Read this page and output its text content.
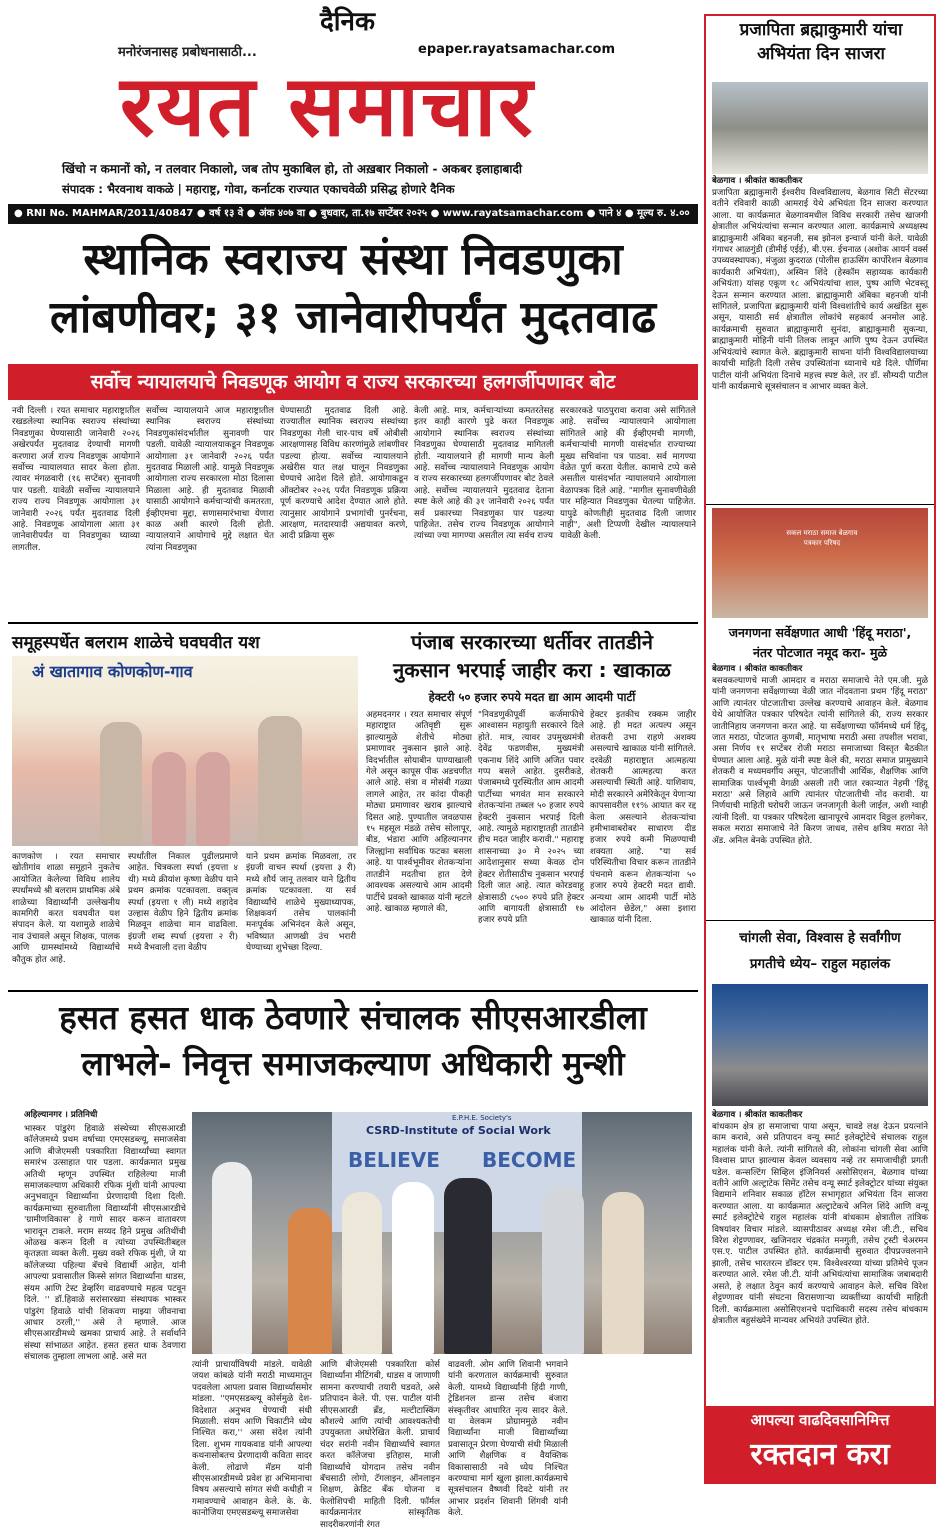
दैनिक
मनोरंजनासह प्रबोधनासाठी...	epaper.rayatsamachar.com
रयत समाचार
खिंचो न कमानों को, न तलवार निकालो, जब तोप मुकाबिल हो, तो अख़बार निकालो - अकबर इलाहाबादी
संपादक : भैरवनाथ वाकळे | महाराष्ट्र, गोवा, कर्नाटक राज्यात एकाचवेळी प्रसिद्ध होणारे दैनिक
● RNI No. MAHMAR/2011/40847 ● वर्ष १३ वे ● अंक ४०७ वा ● बुधवार, ता.१७ सप्टेंबर २०२५ ● www.rayatsamachar.com ● पाने ४ ● मूल्य रु. ४.००
स्थानिक स्वराज्य संस्था निवडणुका
लांबणीवर; ३१ जानेवारीपर्यंत मुदतवाढ
सर्वोच न्यायालयाचे निवडणूक आयोग व राज्य सरकारच्या हलगर्जीपणावर बोट
नवी दिल्ली । रयत समाचार महाराष्ट्रातील रखडलेल्या स्थानिक स्वराज्य संस्थांच्या निवडणुका घेण्यासाठी जानेवारी २०२६ अखेरपर्यंत मुदतवाढ देण्याची मागणी करणारा अर्ज राज्य निवडणूक आयोगाने सर्वोच्च न्यायालयात सादर केला होता. त्यावर मंगळवारी (१६ सप्टेंबर) सुनावणी पार पडली. यावेळी सर्वोच्च न्यायालयाने राज्य राज्य निवडणूक आयोगाला ३१ जानेवारी २०२६ पर्यंत मुदतवाढ दिली आहे. निवडणूक आयोगाला आता ३१ जानेवारीपर्यंत या निवडणुका घ्याव्या लागतील.
सर्वोच्च न्यायालयाने आज महाराष्ट्रातील स्थानिक स्वराज्य संस्थांच्या निवडणुकांसंदर्भातील सुनावणी पार पडली. यावेळी न्यायालयाकडून निवडणूक आयोगाला ३१ जानेवारी २०२६ पर्यंत मुदतवाढ मिळाली आहे. यामुळे निवडणूक आयोगाला राज्य सरकारला मोठा दिलासा मिळाला आहे. ही मुदतवाढ मिळावी यासाठी आयोगाने कर्मचाऱ्यांची कमतरता, ईव्हीएमचा मुद्दा, सणासमारंभाचा येणारा काळ अशी कारणे दिली होती. न्यायालयाने आयोगाचे मुद्दे लक्षात घेत त्यांना निवडणुका
घेण्यासाठी मुदतवाढ दिली आहे. राज्यातील स्थानिक स्वराज्य संस्थांच्या निवडणुका गेली चार-पाच वर्षे ओबीसी आरक्षणासह विविध कारणांमुळे लांबणीवर पडल्या होत्या. सर्वोच्च न्यायालयाने अखेरीस यात लक्ष घालून निवडणुका घेण्याचे आदेश दिले होते. आयोगाकडून ऑक्टोबर २०२६ पर्यंत निवडणूक प्रक्रिया पूर्ण करण्याचे आदेश देण्यात आले होते. त्यानुसार आयोगाने प्रभागांची पुनर्रचना, आरक्षण, मतदारयादी अद्ययावत करणे, आदी प्रक्रिया सुरू
केली आहे. मात्र, कर्मचाऱ्यांच्या कमतरतेसह इतर काही कारणे पुढे करत निवडणूक आयोगाने स्थानिक स्वराज्य संस्थांच्या निवडणुका घेण्यासाठी मुदतवाढ मागितली होती. न्यायालयाने ही मागणी मान्य केली आहे. सर्वोच्च न्यायालयाने निवडणूक आयोग व राज्य सरकारच्या हलगर्जीपणावर बोट ठेवले आहे. सर्वोच्च न्यायालयाने मुदतवाढ देताना स्पष्ट केले आहे की ३१ जानेवारी २०२६ पर्यंत सर्व प्रकारच्या निवडणुका पार पडल्या पाहिजेत. तसेच राज्य निवडणूक आयोगाने त्यांच्या ज्या मागण्या असतील त्या सर्वच राज्य
सरकारकडे पाठपुरावा करावा असे सांगितले आहे. सर्वोच्च न्यायालयाने आयोगाला सांगितले आहे की ईव्हीएमची मागणी, कर्मचाऱ्यांची मागणी यासंदर्भात राज्याच्या मुख्य सचिवांना पत्र पाठवा. सर्व मागण्या वेळेत पूर्ण करता येतील. कामाचे टप्पे कसे असतील यासंदर्भात न्यायालयाने आयोगाला वेळापत्रक दिले आहे. "मागील सुनावणीवेळी पार महिन्यात निवडणुका घेतल्या पाहिजेत. यापुढे कोणतीही मुदतवाढ दिली जाणार नाही", अशी टिप्पणी देखील न्यायालयाने यावेळी केली.
समूहस्पर्धेत बलराम शाळेचे घवघवीत यश
अं खातागाव कोणकोण-गाव
काणकोण । रयत समाचार खोतीगांव शाळा समूहाने नुकतेच आयोजित केलेल्या विविध शालेय स्पर्धांमध्ये श्री बलराम प्राथमिक अंबे शाळेच्या विद्यार्थ्यांनी उल्लेखनीय कामगिरी करत घवघवीत यश संपादन केले. या यशामुळे शाळेचे नाव उंचावले असून शिक्षक, पालक आणि ग्रामस्थांमध्ये विद्यार्थ्यांचे कौतुक होत आहे.
स्पर्धांतील निकाल पुढीलप्रमाणे आहेत. चित्रकला स्पर्धा (इयत्ता ४ थी) मध्ये क्रीयांश कृष्णा वेळीप याने प्रथम क्रमांक पटकावला. वक्तृत्व स्पर्धा (इयत्ता १ ली) मध्ये शहादेव उल्हास वेळीप हिने द्वितीय क्रमांक मिळवून शाळेचा मान वाढविला. इंग्रजी शब्द स्पर्धा (इयत्ता २ री) मध्ये वैभवाली दत्ता वेळीप
याने प्रथम क्रमांक मिळवला, तर इंग्रजी वाचन स्पर्धा (इयत्ता ३ री) मध्ये शौर्य जानू तलवार याने द्वितीय क्रमांक पटकावला. या सर्व विद्यार्थ्यांचे शाळेचे मुख्याध्यापक, शिक्षकवर्ग तसेच पालकांनी मनःपूर्वक अभिनंदन केले असून, भविष्यात आणखी उंच भरारी घेण्याच्या शुभेच्छा दिल्या.
पंजाब सरकारच्या धर्तीवर तातडीने
नुकसान भरपाई जाहीर करा : खाकाळ
हेक्टरी ५० हजार रुपये मदत द्या आम आदमी पार्टी
अहमदनगर । रयत समाचार संपूर्ण महाराष्ट्रात अतिवृष्टी सुरू झाल्यामुळे शेतीचे मोठ्या प्रमाणावर नुकसान झाले आहे. विदर्भातील सोयाबीन पाण्याखाली गेले असून कापूस पीक अडचणीत आले आहे. संत्रा व मोसंबी गळ्या लागले आहेत, तर कांदा पीकही मोठ्या प्रमाणावर खराब झाल्याचे दिसत आहे. पुण्यातील जवळपास १५ महसूल मंडळे तसेच सोलापूर, बीड, भंडारा आणि अहिल्यानगर जिल्ह्यांना सर्वाधिक फटका बसला आहे. या पार्श्वभूमीवर शेतकऱ्यांना तातडीने मदतीचा हात देणे आवश्यक असल्याचे आम आदमी पार्टीचे प्रवक्ते खाकाळ यांनी म्हटले आहे. खाकाळ म्हणाले की,
"निवडणुकीपूर्वी कर्जमाफीचे आश्वासन महायुती सरकारने दिले होते. मात्र, त्यावर उपमुख्यमंत्री देवेंद्र फडणवीस, मुख्यमंत्री एकनाथ शिंदे आणि अजित पवार गप्प बसले आहेत. दुसरीकडे, पंजाबमध्ये पूरस्थितीत आम आदमी पार्टीच्या भगवंत मान सरकारने शेतकऱ्यांना तब्बल ५० हजार रुपये हेक्टरी नुकसान भरपाई दिली आहे. त्यामुळे महाराष्ट्रातही तातडीने हीच मदत जाहीर करावी." महाराष्ट्र शासनाच्या ३० मे २०२५ च्या आदेशानुसार सध्या केवळ दोन हेक्टर शेतीसाठीच नुकसान भरपाई दिली जात आहे. त्यात कोरडवाहू क्षेत्रासाठी ८५०० रुपये प्रति हेक्टर आणि बागायती क्षेत्रासाठी १७ हजार रुपये प्रति
हेक्टर इतकीच रक्कम जाहीर आहे. ही मदत अत्यल्प असून शेतकरी उभा राहणे अशक्य असल्याचे खाकाळ यांनी सांगितले. दरवेळी महाराष्ट्रात आत्महत्या शेतकरी आत्महत्या करत असल्याची स्थिती आहे. याशिवाय, मोदी सरकारने अमेरिकेतून येणाऱ्या कापसावरील ११% आयात कर रद्द केला असल्याने शेतकऱ्यांचा हमीभावाबरोबर साधारण दीड हजार रुपये कमी मिळण्याची शक्यता आहे. "या सर्व परिस्थितीचा विचार करून तातडीने पंचनामे करून शेतकऱ्यांना ५० हजार रुपये हेक्टरी मदत द्यावी. अन्यथा आम आदमी पार्टी मोठे आंदोलन छेडेल," असा इशारा खाकाळ यांनी दिला.
हसत हसत धाक ठेवणारे संचालक सीएसआरडीला
लाभले- निवृत्त समाजकल्याण अधिकारी मुन्शी
अहिल्यानगर । प्रतिनिधी
भास्कर पांडुरंग हिवाळे संस्थेच्या सीएसआरडी कॉलेजमध्ये प्रथम वर्षाच्या एमएसडब्ल्यू, समाजसेवा आणि बीजेएमसी पत्रकारिता विद्यार्थ्यांच्या स्वागत समारंभ उत्साहात पार पडला. कार्यक्रमात प्रमुख अतिथी म्हणून उपस्थित राहिलेल्या माजी समाजकल्याण अधिकारी रफिक मुंशी यांनी आपल्या अनुभवातून विद्यार्थ्यांना प्रेरणादायी दिशा दिली. कार्यक्रमाच्या सुरुवातीला विद्यार्थ्यांनी सीएसआरडीचे 'ग्रामीणविकास' हे गाणे सादर करून वातावरण भारावून टाकले. मराम सय्यद हिने प्रमुख अतिथींची ओळख करून दिली व त्यांच्या उपस्थितीबद्दल कृतज्ञता व्यक्त केली. मुख्य वक्ते रफिक मुंशी, जे या कॉलेजच्या पहिल्या बॅचचे विद्यार्थी आहेत, यांनी आपल्या प्रवासातील किस्से सांगत विद्यार्थ्यांना धाडस, संयम आणि टेस्ट डेव्हरिंग वाढवण्याचे महत्व पटवून दिले. '' डॉ.हिवाळे सरांसारख्या संस्थापक भास्कर पांडुरंग हिवाळे यांची शिकवण माझ्या जीवनाचा आधार ठरली,'' असे ते म्हणाले. आज सीएसआरडीमध्ये खमका प्राचार्य आहे. ते सर्वार्थाने संस्था सांभाळत आहेत. हसत हसत धाक ठेवणारा संचालक तुम्हाला लाभला आहे. असे मत
E.P.H.E. Society's
CSRD-Institute of Social Work
BELIEVE BECOME
त्यांनी प्राचार्यांविषयी मांडले. यावेळी जयश कांबळे यांनी मराठी माध्यमातून पदवलेला आपला प्रवास विद्यार्थ्यांसमोर मांडला. ''एमएसडब्ल्यू कोर्समुळे देश-विदेशात अनुभव घेण्याची संधी मिळाली. संयम आणि चिकाटीने ध्येय निश्चित करा,'' असा संदेश त्यांनी दिला. शुभम गायकवाड यांनी आपल्या कथनासोबतच प्रेरणादायी कविता सादर केली. लोढाणे मॅडम यांनी सीएसआरडीमध्ये प्रवेश हा अभिमानाचा विषय असल्याचे सांगत संधी कधीही न गमावण्याचे आवाहन केले. के. के. कानोजिया एमएसडब्ल्यू समाजसेवा
आणि बीजेएमसी पत्रकारिता कोर्स विद्यार्थ्यांना मीटिंगबी, धाडस व जाणाणी सामना करण्याची तयारी घडवते, असे प्रतिपादन केले. पी. एस. पाटील यांनी सीएसआरडी ब्रँड, मल्टीटास्किंग कौशल्ये आणि त्यांची आवश्यकतेची उपयुक्तता अधोरेखित केली. प्राचार्य चंदर सरांनी नवीन विद्यार्थ्यांचे स्वागत करत कॉलेजचा इतिहास, माजी विद्यार्थ्यांचे योगदान तसेच नवीन बॅचसाठी लोगो, टॅगलाइन, ऑनलाइन शिक्षण, क्रेडिट बँक योजना व फेलोशिपची माहिती दिली. फॉर्मल कार्यक्रमानंतर सांस्कृतिक सादरीकरणांनी रंगत
वाढवली. ओम आणि शिवानी भगवाने यांनी करणताल कार्यक्रमाची सुरुवात केली. यामध्ये विद्यार्थ्यांनी हिंदी गाणी, ट्रेडिशनल डान्स तसेच बंजारा संस्कृतीवर आधारित नृत्य सादर केले. या वेलकम प्रोग्राममुळे नवीन विद्यार्थ्यांना माजी विद्यार्थ्यांच्या प्रवासातून प्रेरणा घेण्याची संधी मिळाली आणि शैक्षणिक व वैयक्तिक विकासासाठी नवे ध्येय निश्चित करण्याचा मार्ग खुला झाला.कार्यक्रमाचे सूत्रसंचालन वैष्णवी दिवटे यांनी तर आभार प्रदर्शन शिवानी शिंगवी यांनी केले.
प्रजापिता ब्रह्माकुमारी यांचा अभियंता दिन साजरा
बेळगाव । श्रीकांत काकतीकर
प्रजापिता ब्रह्माकुमारी ईश्वरीय विश्वविद्यालय, बेळगाव सिटी सेंटरच्या वतीने रविवारी काळी आमराई येथे अभियंता दिन साजरा करण्यात आला. या कार्यक्रमात बेळगावमधील विविध सरकारी तसेच खाजगी क्षेत्रातील अभियंत्यांचा सन्मान करण्यात आला. कार्यक्रमाचे अध्यक्षस्थ ब्राह्माकुमारी अंबिका बहनजी, सब झोनल इन्चार्ज यांनी केले. यावेळी गंगाधर आळगुंडी (डीमीई एईई), बी.एस. ईचनाळ (अशोक आयर्न वर्क्स उपव्यवस्थापक), मंजुळा कुदराळ (पोलीस हाऊसिंग कार्पोरेशन बेळगाव कार्यकारी अभियंता), अस्विन शिंदे (हेस्कॉम सहाय्यक कार्यकारी अभियंता) यांसह एकूण १८ अभियंत्यांचा शाल, पुष्प आणि भेटवस्तू देऊन सन्मान करण्यात आला. ब्राह्माकुमारी अंबिका बहनजी यांनी सांगितले, प्रजापिता ब्रह्माकुमारी यांनी विश्वशांतीचे कार्य अखंडित सुरू असून, यासाठी सर्व क्षेत्रातील लोकांचे सहकार्य अनमोल आहे. कार्यक्रमाची सुरुवात ब्राह्माकुमारी सुनंदा, ब्राह्माकुमारी सुकन्या, ब्राह्माकुमारी मोहिनी यांनी तिलक लावून आणि पुष्प देऊन उपस्थित अभियंत्यांचे स्वागत केले. ब्रह्माकुमारी साधना यांनी विश्वविद्यालयाच्या कार्याची माहिती दिली तसेच उपस्थितांना ध्यानाचे धडे दिले. पौर्णिमा पाटील यांनी अभियंता दिनाचे महत्त्व स्पष्ट केले, तर डॉ. सौम्यदी पाटील यांनी कार्यक्रमाचे सूत्रसंचालन व आभार व्यक्त केले.
सकल मराठा समाज बेळगाव पत्रकार परिषद
जनगणना सर्वेक्षणात आधी 'हिंदू मराठा',
नंतर पोटजात नमूद करा- मुळे
बेळगाव । श्रीकांत काकतीकर
बसवकल्याणचे माजी आमदार व मराठा समाजाचे नेते एम.जी. मुळे यांनी जनगणना सर्वेक्षणाच्या वेळी जात नोंदवताना प्रथम 'हिंदू मराठा' आणि त्यानंतर पोटजातीचा उल्लेख करण्याचे आवाहन केले. बेळगाव येथे आयोजित पत्रकार परिषदेत त्यांनी सांगितले की, राज्य सरकार जातीनिहाय जनगणना करत आहे. या सर्वेक्षणाच्या फॉर्ममध्ये धर्म हिंदू, जात मराठा, पोटजात कुणबी, मातृभाषा मराठी असा तपशील भरावा, असा निर्णय ११ सप्टेंबर रोजी मराठा समाजाच्या विस्तृत बैठकीत घेण्यात आला आहे. मुळे यांनी स्पष्ट केले की, मराठा समाज प्रामुख्याने शेतकरी व मध्यमवर्गीय असून, पोटजातींची आर्थिक, शैक्षणिक आणि सामाजिक पार्श्वभूमी वेगळी असली तरी जात रकान्यात नेहमी 'हिंदू मराठा' असे लिहावे आणि त्यानंतर पोटजातीची नोंद करावी. या निर्णयाची माहिती घरोघरी जाऊन जनजागृती केली जाईल, अशी ग्वाही त्यांनी दिली. या पत्रकार परिषदेला खानापूरचे आमदार विठ्ठल हलगेकर, सकल मराठा समाजाचे नेते किरण जाधव, तसेच क्षत्रिय मराठा नेते ॲड. अनिल बेनके उपस्थित होते.
चांगली सेवा, विश्वास हे सर्वांगीण
प्रगतीचे ध्येय– राहुल महालंक
बेळगाव । श्रीकांत काकतीकर
बांधकाम क्षेत्र हा समाजाचा पाया असून, चावडे लक्ष देऊन प्रयत्नांने काम करावे, असे प्रतिपादन वन्यू स्मार्ट इलेक्ट्रोटेचे संचालक राहुल महालंक यांनी केले. त्यांनी सांगितले की, लोकांना चांगली सेवा आणि विश्वास प्राप्त झाल्यास केवल व्यवसाय नव्हे तर समाजाचीही प्रगती घडेल. कन्सल्टिंग सिव्हिल इंजिनियर्स असोसिएशन, बेळगाव यांच्या वतीने आणि अल्ट्राटेक सिमेंट तसेच वन्यू स्मार्ट इलेक्ट्रोटर यांच्या संयुक्त विद्यमाने शनिवार सकाळ हॉटेल सभागृहात अभियंता दिन साजरा करण्यात आला. या कार्यक्रमात अल्ट्राटेकचे अनिल शिंदे आणि वन्यू स्मार्ट इलेक्ट्रोटेचे राहुल महालंक यांनी बांधकाम क्षेत्रातील तांत्रिक विषयांवर विचार मांडले. व्यासपीठावर अध्यक्ष रमेश जी.टी., सचिव विरेश शेट्टण्णावर, खजिनदार चंद्रकांत मनगुती, तसेच ट्रस्टी चेअरमन एस.ए. पाटील उपस्थित होते. कार्यक्रमाची सुरुवात दीपप्रज्वलनाने झाली, तसेच भारतरत्न डॉक्टर एम. विश्वेश्वरय्या यांच्या प्रतिमेचे पूजन करण्यात आले. रमेश जी.टी. यांनी अभियंत्यांचा सामाजिक जबाबदारी असते, हे लक्षात ठेवून कार्य करण्याचे आवाहन केले. सचिव विरेश शेट्टण्णावर यांनी संघटना विरासणाऱ्या व्यक्तींच्या कार्याची माहिती दिली. कार्यक्रमाला असोसिएशनचे पदाधिकारी सदस्य तसेच बांधकाम क्षेत्रातील बहुसंख्येने मान्यवर अभियंते उपस्थित होते.
आपल्या वाढदिवसानिमित्त
रक्तदान करा
